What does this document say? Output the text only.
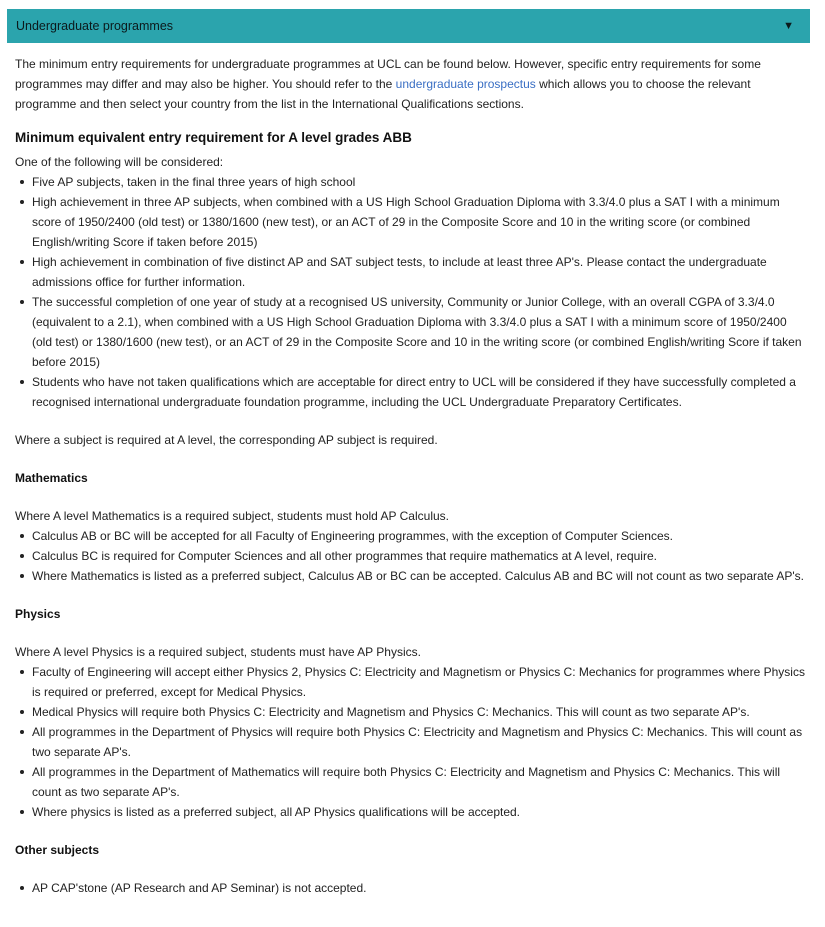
Undergraduate programmes	▼

The minimum entry requirements for undergraduate programmes at UCL can be found below. However, specific entry requirements for some programmes may differ and may also be higher. You should refer to the undergraduate prospectus which allows you to choose the relevant programme and then select your country from the list in the International Qualifications sections.

Minimum equivalent entry requirement for A level grades ABB

One of the following will be considered:

Five AP subjects, taken in the final three years of high school
High achievement in three AP subjects, when combined with a US High School Graduation Diploma with 3.3/4.0 plus a SAT I with a minimum score of 1950/2400 (old test) or 1380/1600 (new test), or an ACT of 29 in the Composite Score and 10 in the writing score (or combined English/writing Score if taken before 2015)
High achievement in combination of five distinct AP and SAT subject tests, to include at least three AP's. Please contact the undergraduate admissions office for further information.
The successful completion of one year of study at a recognised US university, Community or Junior College, with an overall CGPA of 3.3/4.0 (equivalent to a 2.1), when combined with a US High School Graduation Diploma with 3.3/4.0 plus a SAT I with a minimum score of 1950/2400 (old test) or 1380/1600 (new test), or an ACT of 29 in the Composite Score and 10 in the writing score (or combined English/writing Score if taken before 2015)
Students who have not taken qualifications which are acceptable for direct entry to UCL will be considered if they have successfully completed a recognised international undergraduate foundation programme, including the UCL Undergraduate Preparatory Certificates.

Where a subject is required at A level, the corresponding AP subject is required.

Mathematics

Where A level Mathematics is a required subject, students must hold AP Calculus.

Calculus AB or BC will be accepted for all Faculty of Engineering programmes, with the exception of Computer Sciences.
Calculus BC is required for Computer Sciences and all other programmes that require mathematics at A level, require.
Where Mathematics is listed as a preferred subject, Calculus AB or BC can be accepted. Calculus AB and BC will not count as two separate AP's.
Physics

Where A level Physics is a required subject, students must have AP Physics.

Faculty of Engineering will accept either Physics 2, Physics C: Electricity and Magnetism or Physics C: Mechanics for programmes where Physics is required or preferred, except for Medical Physics.
Medical Physics will require both Physics C: Electricity and Magnetism and Physics C: Mechanics. This will count as two separate AP's.
All programmes in the Department of Physics will require both Physics C: Electricity and Magnetism and Physics C: Mechanics. This will count as two separate AP's.
All programmes in the Department of Mathematics will require both Physics C: Electricity and Magnetism and Physics C: Mechanics. This will count as two separate AP's.
Where physics is listed as a preferred subject, all AP Physics qualifications will be accepted.
Other subjects
AP CAP'stone (AP Research and AP Seminar) is not accepted.
